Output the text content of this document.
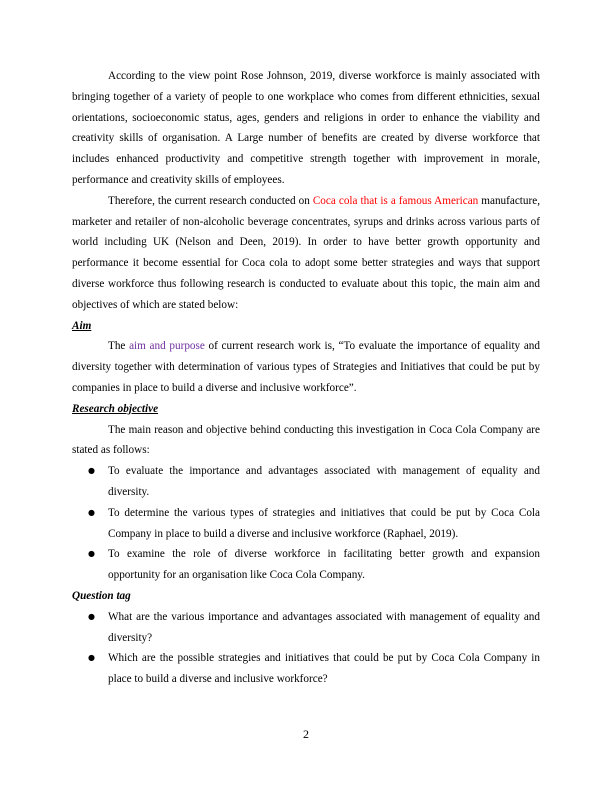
According to the view point Rose Johnson, 2019, diverse workforce is mainly associated with bringing together of a variety of people to one workplace who comes from different ethnicities, sexual orientations, socioeconomic status, ages, genders and religions in order to enhance the viability and creativity skills of organisation. A Large number of benefits are created by diverse workforce that includes enhanced productivity and competitive strength together with improvement in morale, performance and creativity skills of employees.

Therefore, the current research conducted on Coca cola that is a famous American manufacture, marketer and retailer of non-alcoholic beverage concentrates, syrups and drinks across various parts of world including UK (Nelson and Deen, 2019). In order to have better growth opportunity and performance it become essential for Coca cola to adopt some better strategies and ways that support diverse workforce thus following research is conducted to evaluate about this topic, the main aim and objectives of which are stated below:

Aim

The aim and purpose of current research work is, “To evaluate the importance of equality and diversity together with determination of various types of Strategies and Initiatives that could be put by companies in place to build a diverse and inclusive workforce”.

Research objective

The main reason and objective behind conducting this investigation in Coca Cola Company are stated as follows:

● To evaluate the importance and advantages associated with management of equality and diversity.
● To determine the various types of strategies and initiatives that could be put by Coca Cola Company in place to build a diverse and inclusive workforce (Raphael, 2019).
● To examine the role of diverse workforce in facilitating better growth and expansion opportunity for an organisation like Coca Cola Company.
Question tag
● What are the various importance and advantages associated with management of equality and diversity?
● Which are the possible strategies and initiatives that could be put by Coca Cola Company in place to build a diverse and inclusive workforce?
2
